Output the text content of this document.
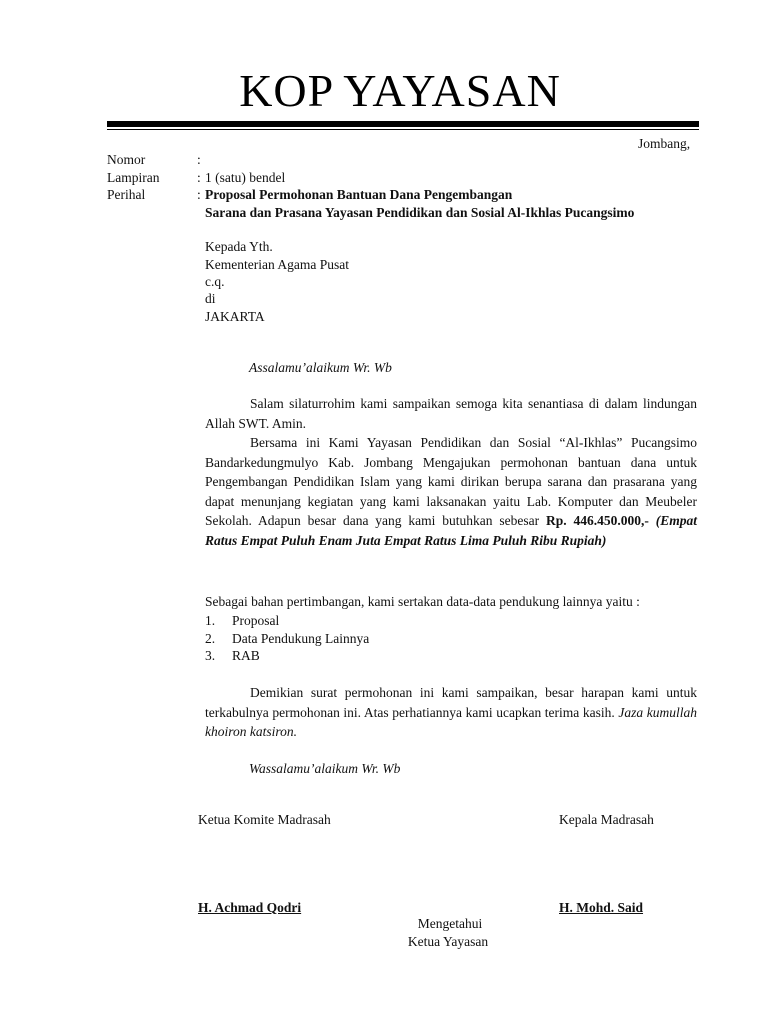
KOP YAYASAN
Jombang,
Nomor	:
Lampiran	: 1 (satu) bendel
Perihal	: Proposal Permohonan Bantuan Dana Pengembangan
Sarana dan Prasana Yayasan Pendidikan dan Sosial Al-Ikhlas Pucangsimo
Kepada Yth.
Kementerian Agama Pusat
c.q.
di
JAKARTA
Assalamu’alaikum Wr. Wb

Salam silaturrohim kami sampaikan semoga kita senantiasa di dalam lindungan Allah SWT. Amin.

Bersama ini Kami Yayasan Pendidikan dan Sosial “Al-Ikhlas” Pucangsimo Bandarkedungmulyo Kab. Jombang Mengajukan permohonan bantuan dana untuk Pengembangan Pendidikan Islam yang kami dirikan berupa sarana dan prasarana yang dapat menunjang kegiatan yang kami laksanakan yaitu Lab. Komputer dan Meubeler Sekolah. Adapun besar dana yang kami butuhkan sebesar Rp. 446.450.000,- (Empat Ratus Empat Puluh Enam Juta Empat Ratus Lima Puluh Ribu Rupiah)

Sebagai bahan pertimbangan, kami sertakan data-data pendukung lainnya yaitu :
1. Proposal
2. Data Pendukung Lainnya
3. RAB

Demikian surat permohonan ini kami sampaikan, besar harapan kami untuk terkabulnya permohonan ini. Atas perhatiannya kami ucapkan terima kasih. Jaza kumullah khoiron katsiron.

Wassalamu’alaikum Wr. Wb
Ketua Komite Madrasah	Kepala Madrasah
H. Achmad Qodri	H. Mohd. Said
Mengetahui
Ketua Yayasan
